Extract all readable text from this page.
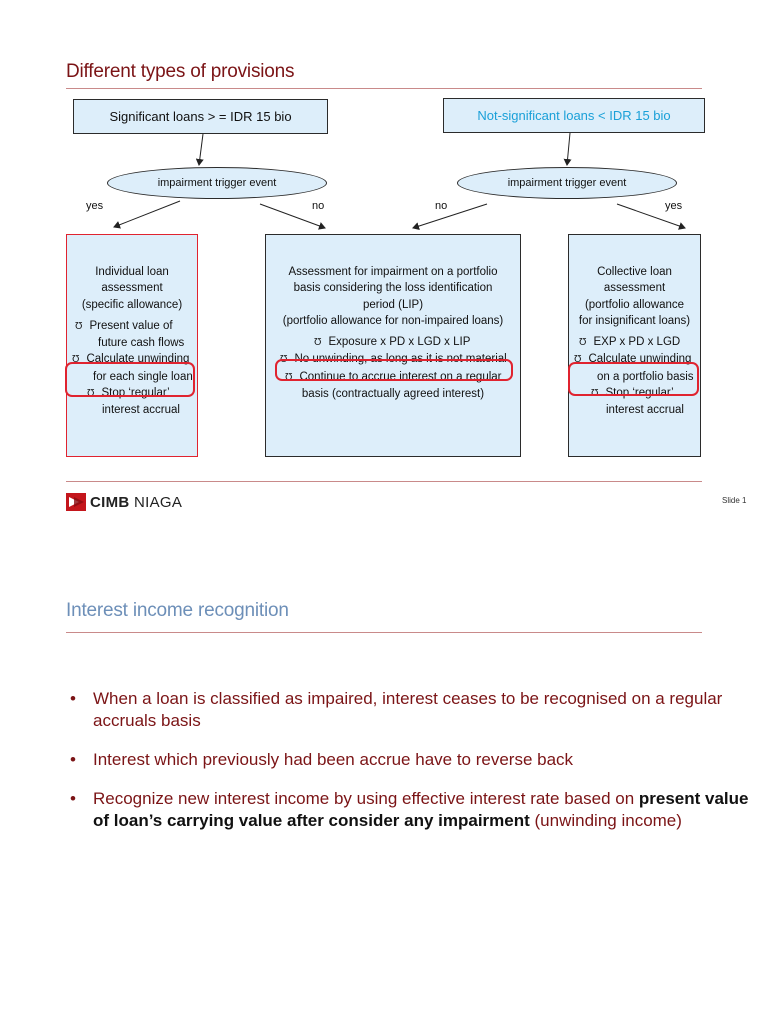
Different types of provisions
Significant loans > = IDR 15 bio	Not-significant loans < IDR 15 bio
impairment trigger event	impairment trigger event
yes	no	no	yes
Individual loan
assessment
(specific allowance)
Ʊ Present value of
future cash flows
Ʊ Calculate unwinding
for each single loan
Ʊ Stop ‘regular’
interest accrual
Assessment for impairment on a portfolio
basis considering the loss identification
period (LIP)
(portfolio allowance for non-impaired loans)
Ʊ Exposure x PD x LGD x LIP
Ʊ No unwinding, as long as it is not material
Ʊ Continue to accrue interest on a regular
basis (contractually agreed interest)
Collective loan
assessment
(portfolio allowance
for insignificant loans)
Ʊ EXP x PD x LGD
Ʊ Calculate unwinding
on a portfolio basis
Ʊ Stop ‘regular’
interest accrual
CIMB NIAGA	Slide 1
Interest income recognition
• When a loan is classified as impaired, interest ceases to be recognised on a regular accruals basis
• Interest which previously had been accrue have to reverse back
• Recognize new interest income by using effective interest rate based on present value of loan’s carrying value after consider any impairment (unwinding income)
